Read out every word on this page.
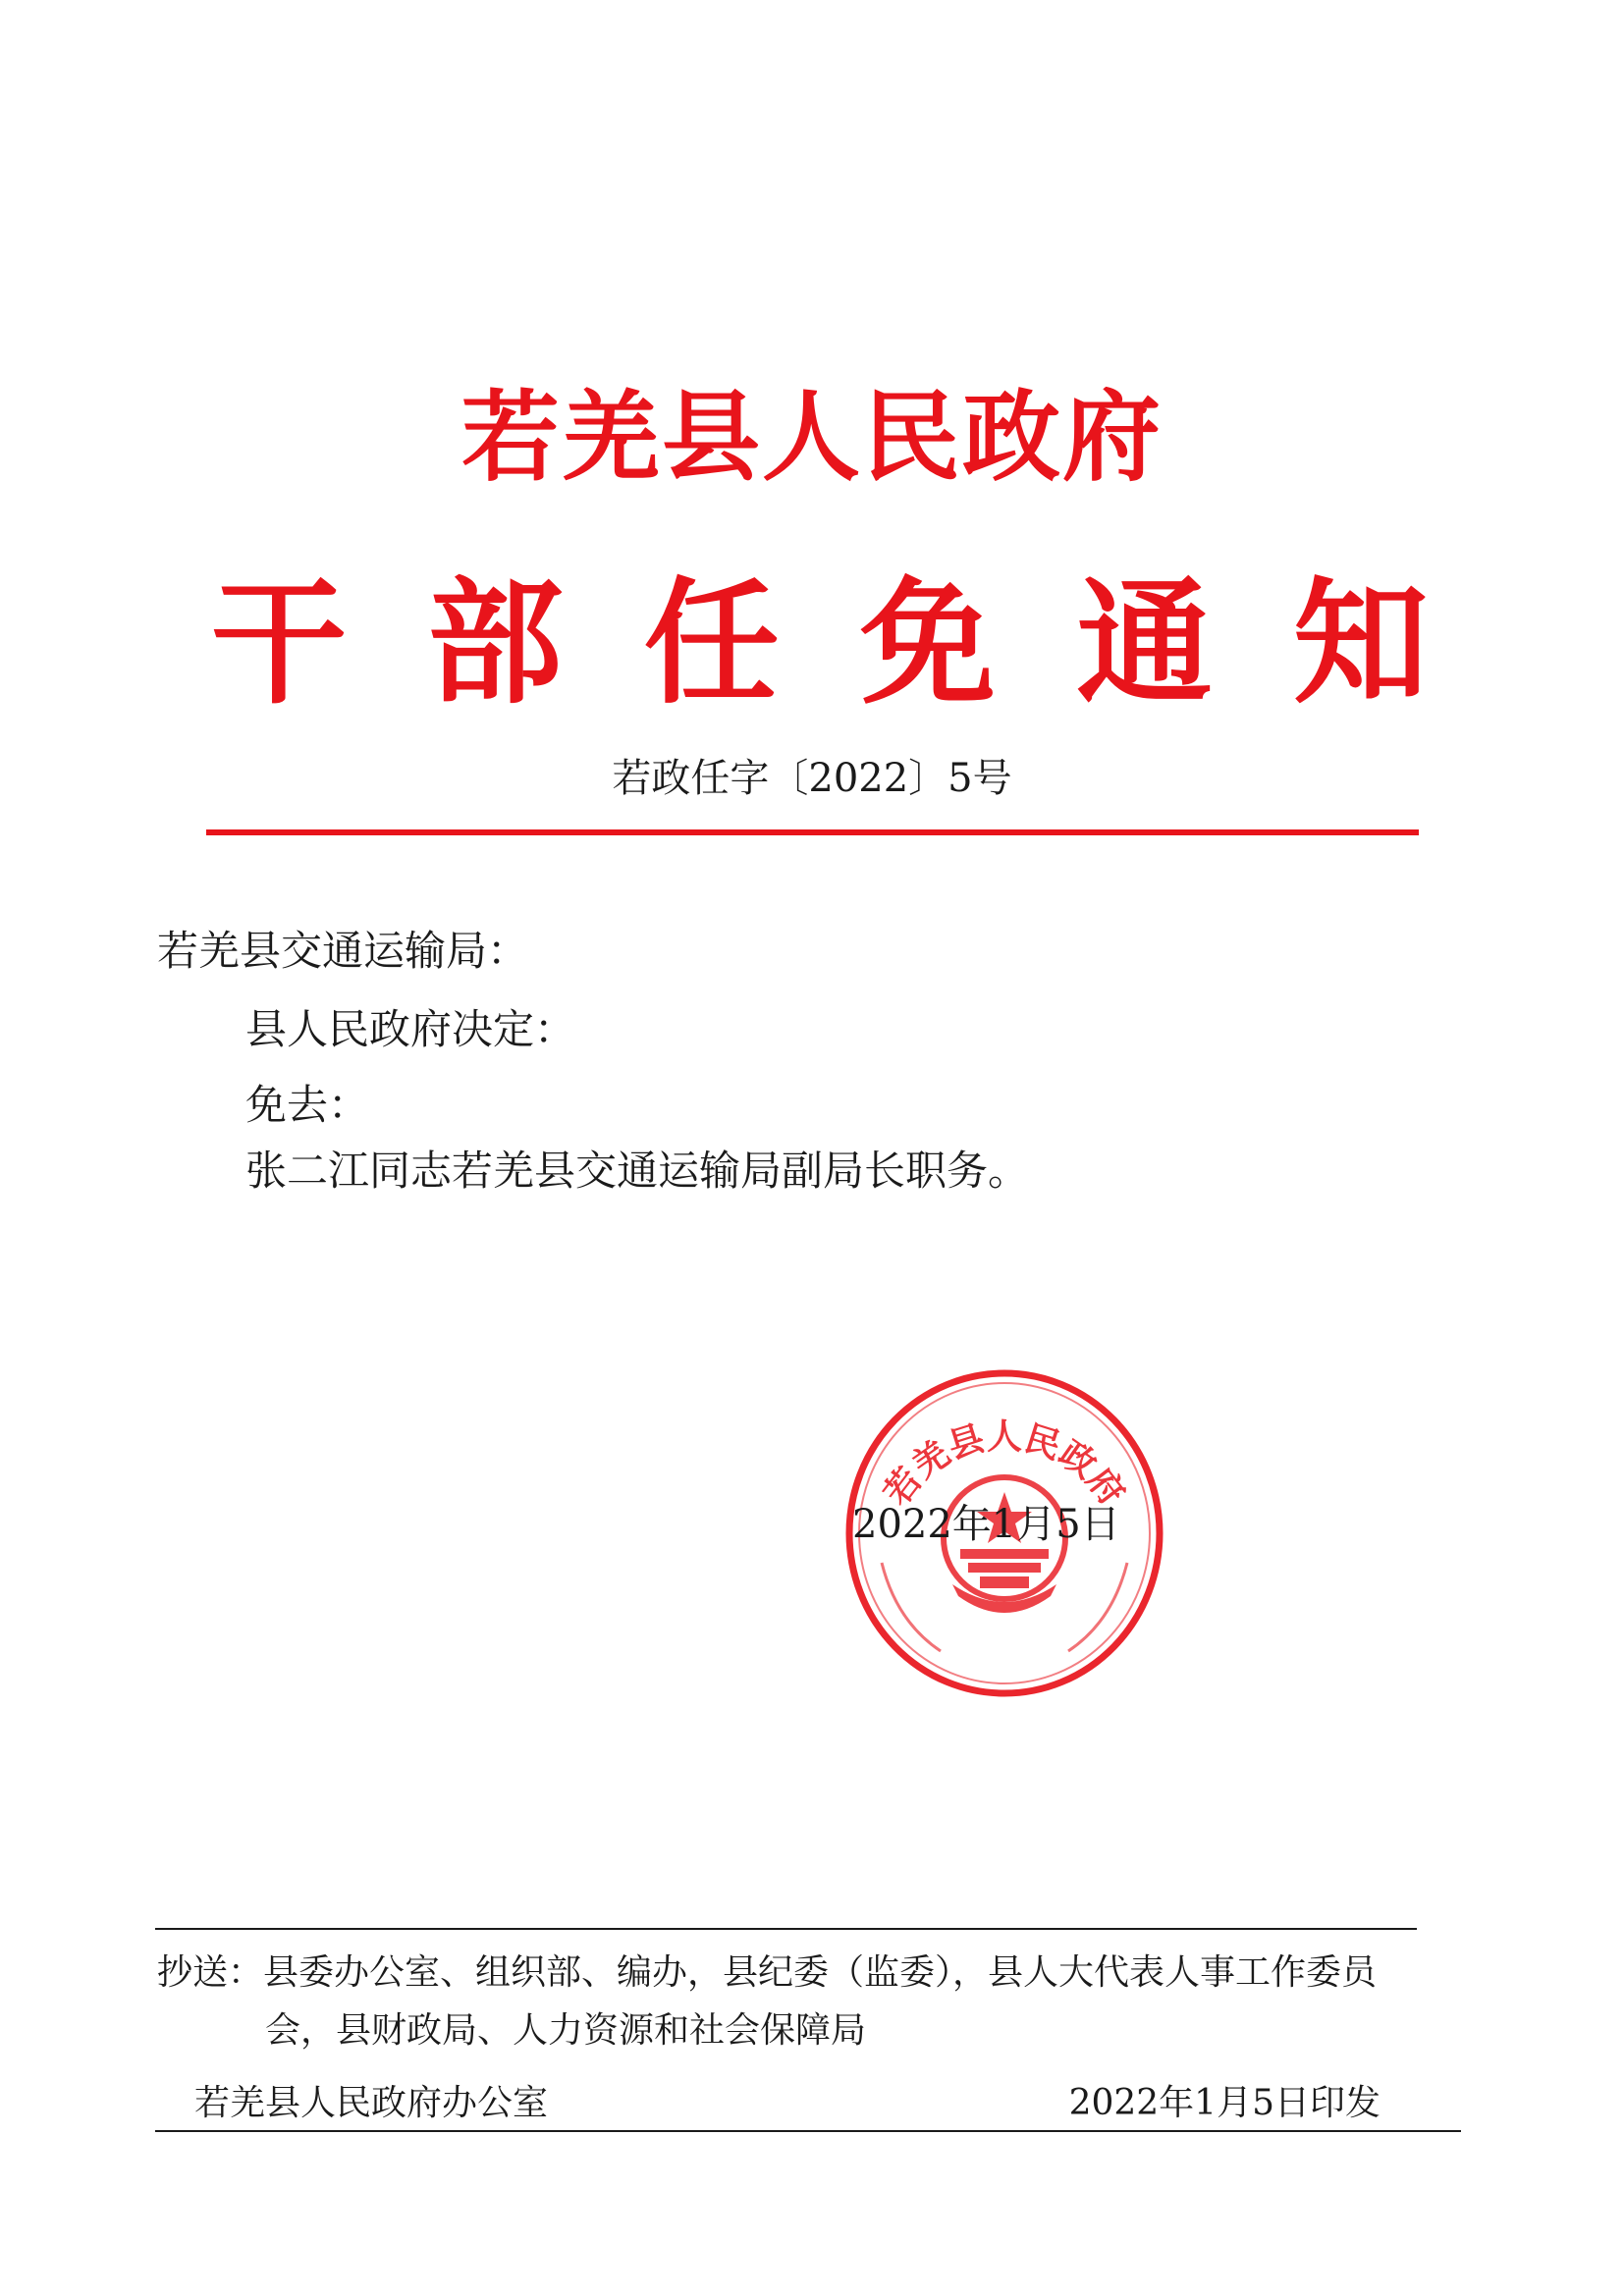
若羌县人民政府
干 部 任 免 通 知
若政任字〔2022〕5号
若羌县交通运输局：
县人民政府决定：
免去：
张二江同志若羌县交通运输局副局长职务。
若羌县人民政府
2022年1月5日
抄送：县委办公室、组织部、编办，县纪委（监委），县人大代表人事工作委员
会，县财政局、人力资源和社会保障局
若羌县人民政府办公室	2022年1月5日印发
